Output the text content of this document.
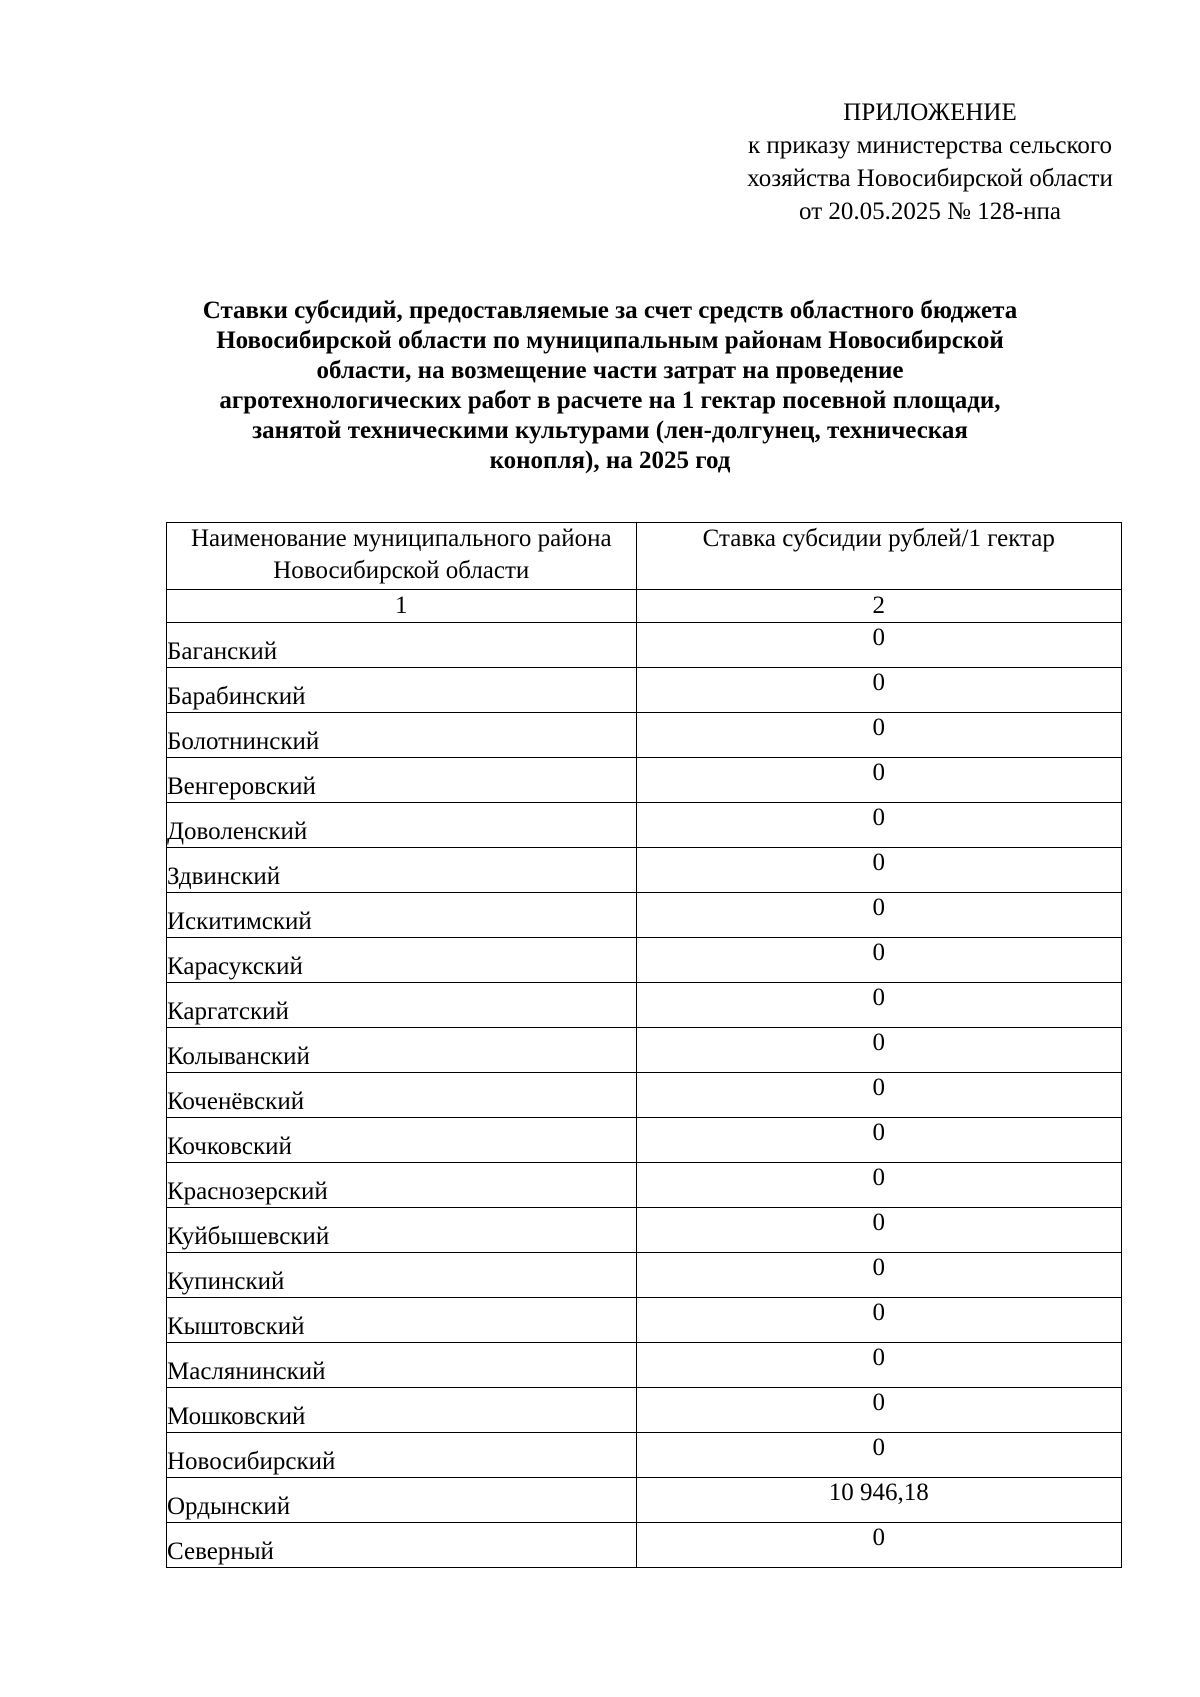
ПРИЛОЖЕНИЕ
к приказу министерства сельского
хозяйства Новосибирской области
от 20.05.2025 № 128-нпа
Ставки субсидий, предоставляемые за счет средств областного бюджета
Новосибирской области по муниципальным районам Новосибирской
области, на возмещение части затрат на проведение
агротехнологических работ в расчете на 1 гектар посевной площади,
занятой техническими культурами (лен-долгунец, техническая
конопля), на 2025 год
Наименование муниципального района Новосибирской области	Ставка субсидии рублей/1 гектар
1	2
Баганский	0
Барабинский	0
Болотнинский	0
Венгеровский	0
Доволенский	0
Здвинский	0
Искитимский	0
Карасукский	0
Каргатский	0
Колыванский	0
Коченёвский	0
Кочковский	0
Краснозерский	0
Куйбышевский	0
Купинский	0
Кыштовский	0
Маслянинский	0
Мошковский	0
Новосибирский	0
Ордынский	10 946,18
Северный	0
